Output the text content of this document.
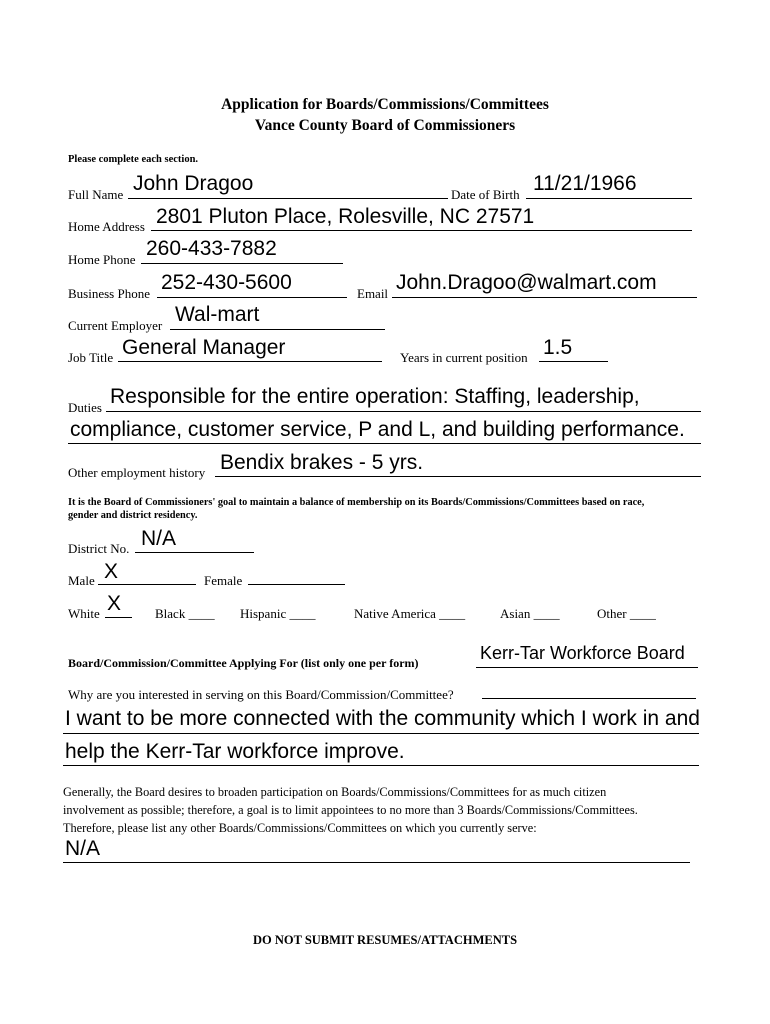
Application for Boards/Commissions/Committees
Vance County Board of Commissioners
Please complete each section.
Full Name John Dragoo	Date of Birth 11/21/1966
Home Address 2801 Pluton Place, Rolesville, NC 27571
Home Phone 260-433-7882
Business Phone 252-430-5600	Email John.Dragoo@walmart.com
Current Employer Wal-mart
Job Title General Manager	Years in current position 1.5
Duties Responsible for the entire operation: Staffing, leadership,
compliance, customer service, P and L, and building performance.
Other employment history Bendix brakes - 5 yrs.
It is the Board of Commissioners' goal to maintain a balance of membership on its Boards/Commissions/Committees based on race,
gender and district residency.
District No. N/A
Male X	Female
White X	Black ____ Hispanic ____	Native America ____	Asian ____	Other ____
Board/Commission/Committee Applying For (list only one per form)	Kerr-Tar Workforce Board
Why are you interested in serving on this Board/Commission/Committee?
I want to be more connected with the community which I work in and
help the Kerr-Tar workforce improve.
Generally, the Board desires to broaden participation on Boards/Commissions/Committees for as much citizen
involvement as possible; therefore, a goal is to limit appointees to no more than 3 Boards/Commissions/Committees.
Therefore, please list any other Boards/Commissions/Committees on which you currently serve:
N/A
DO NOT SUBMIT RESUMES/ATTACHMENTS
